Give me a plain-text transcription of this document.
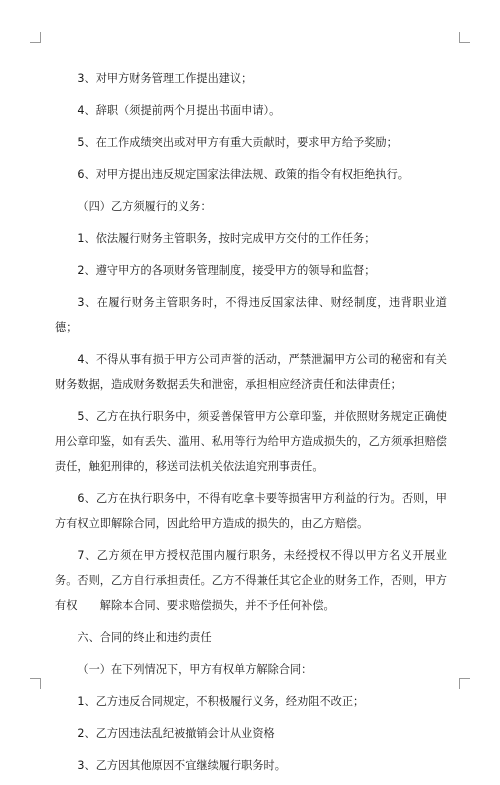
3、对甲方财务管理工作提出建议；

4、辞职（须提前两个月提出书面申请）。

5、在工作成绩突出或对甲方有重大贡献时，要求甲方给予奖励；

6、对甲方提出违反规定国家法律法规、政策的指令有权拒绝执行。

（四）乙方须履行的义务：

1、依法履行财务主管职务，按时完成甲方交付的工作任务；

2、遵守甲方的各项财务管理制度，接受甲方的领导和监督；

3、在履行财务主管职务时，不得违反国家法律、财经制度，违背职业道德；

4、不得从事有损于甲方公司声誉的活动，严禁泄漏甲方公司的秘密和有关财务数据，造成财务数据丢失和泄密，承担相应经济责任和法律责任；

5、乙方在执行职务中，须妥善保管甲方公章印鉴，并依照财务规定正确使用公章印鉴，如有丢失、滥用、私用等行为给甲方造成损失的，乙方须承担赔偿责任，触犯刑律的，移送司法机关依法追究刑事责任。

6、乙方在执行职务中，不得有吃拿卡要等损害甲方利益的行为。否则，甲方有权立即解除合同，因此给甲方造成的损失的，由乙方赔偿。

7、乙方须在甲方授权范围内履行职务，未经授权不得以甲方名义开展业务。否则，乙方自行承担责任。乙方不得兼任其它企业的财务工作，否则，甲方有权　　解除本合同、要求赔偿损失，并不予任何补偿。

六、合同的终止和违约责任

（一）在下列情况下，甲方有权单方解除合同：

1、乙方违反合同规定，不积极履行义务，经劝阻不改正；

2、乙方因违法乱纪被撤销会计从业资格

3、乙方因其他原因不宜继续履行职务时。
